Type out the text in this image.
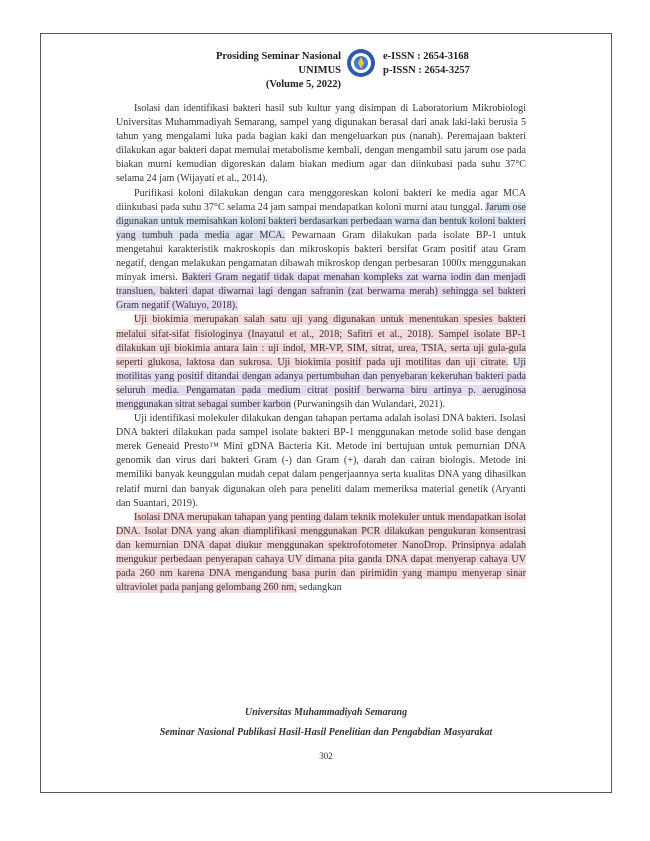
Prosiding Seminar Nasional UNIMUS
(Volume 5, 2022)
e-ISSN : 2654-3168
p-ISSN : 2654-3257

Isolasi dan identifikasi bakteri hasil sub kultur yang disimpan di Laboratorium Mikrobiologi Universitas Muhammadiyah Semarang, sampel yang digunakan berasal dari anak laki-laki berusia 5 tahun yang mengalami luka pada bagian kaki dan mengeluarkan pus (nanah). Peremajaan bakteri dilakukan agar bakteri dapat memulai metabolisme kembali, dengan mengambil satu jarum ose pada biakan murni kemudian digoreskan dalam biakan medium agar dan diinkubasi pada suhu 37°C selama 24 jam (Wijayati et al., 2014).

Purifikasi koloni dilakukan dengan cara menggoreskan koloni bakteri ke media agar MCA diinkubasi pada suhu 37°C selama 24 jam sampai mendapatkan koloni murni atau tunggal. Jarum ose digunakan untuk memisahkan koloni bakteri berdasarkan perbedaan warna dan bentuk koloni bakteri yang tumbuh pada media agar MCA. Pewarnaan Gram dilakukan pada isolate BP-1 untuk mengetahui karakteristik makroskopis dan mikroskopis bakteri bersifat Gram positif atau Gram negatif, dengan melakukan pengamatan dibawah mikroskop dengan perbesaran 1000x menggunakan minyak imersi. Bakteri Gram negatif tidak dapat menahan kompleks zat warna iodin dan menjadi transluen, bakteri dapat diwarnai lagi dengan safranin (zat berwarna merah) sehingga sel bakteri Gram negatif (Waluyo, 2018).

Uji biokimia merupakan salah satu uji yang digunakan untuk menentukan spesies bakteri melalui sifat-sifat fisiologinya (Inayatul et al., 2018; Safitri et al., 2018). Sampel isolate BP-1 dilakukan uji biokimia antara lain : uji indol, MR-VP, SIM, sitrat, urea, TSIA, serta uji gula-gula seperti glukosa, laktosa dan sukrosa. Uji biokimia positif pada uji motilitas dan uji citrate. Uji motilitas yang positif ditandai dengan adanya pertumbuhan dan penyebaran kekeruhan bakteri pada seluruh media. Pengamatan pada medium citrat positif berwarna biru artinya p. aeruginosa menggunakan sitrat sebagai sumber karbon (Purwaningsih dan Wulandari, 2021).

Uji identifikasi molekuler dilakukan dengan tahapan pertama adalah isolasi DNA bakteri. Isolasi DNA bakteri dilakukan pada sampel isolate bakteri BP-1 menggunakan metode solid base dengan merek Geneaid Presto™ Mini gDNA Bacteria Kit. Metode ini bertujuan untuk pemurnian DNA genomik dan virus dari bakteri Gram (-) dan Gram (+), darah dan cairan biologis. Metode ini memiliki banyak keunggulan mudah cepat dalam pengerjaannya serta kualitas DNA yang dihasilkan relatif murni dan banyak digunakan oleh para peneliti dalam memeriksa material genetik (Aryanti dan Suantari, 2019).

Isolasi DNA merupakan tahapan yang penting dalam teknik molekuler untuk mendapatkan isolat DNA. Isolat DNA yang akan diamplifikasi menggunakan PCR dilakukan pengukuran konsentrasi dan kemurnian DNA dapat diukur menggunakan spektrofotometer NanoDrop. Prinsipnya adalah mengukur perbedaan penyerapan cahaya UV dimana pita ganda DNA dapat menyerap cahaya UV pada 260 nm karena DNA mengandung basa purin dan pirimidin yang mampu menyerap sinar ultraviolet pada panjang gelombang 260 nm, sedangkan

Universitas Muhammadiyah Semarang
Seminar Nasional Publikasi Hasil-Hasil Penelitian dan Pengabdian Masyarakat
302
